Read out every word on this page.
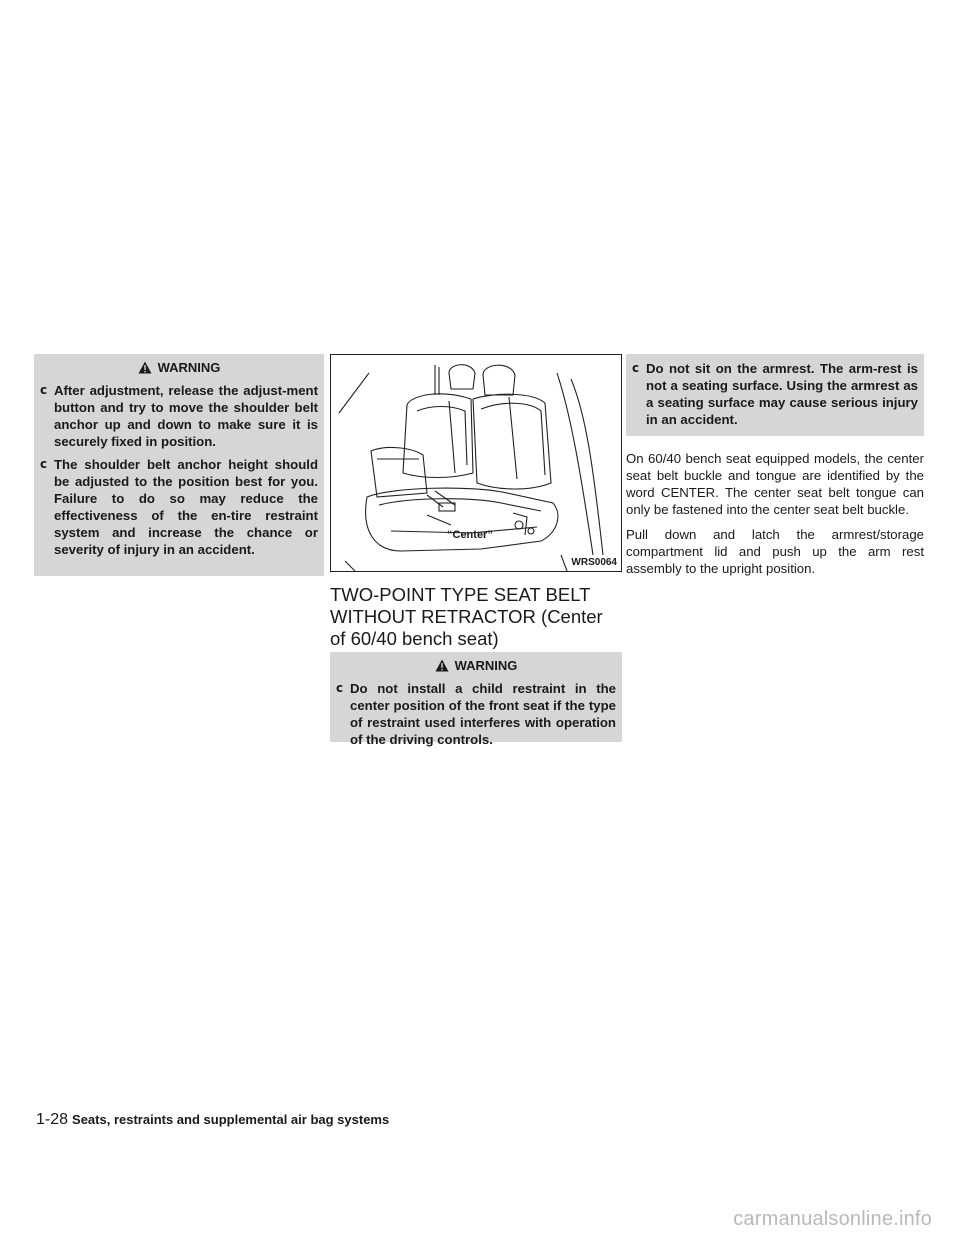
WARNING
c After adjustment, release the adjust-ment button and try to move the shoulder belt anchor up and down to make sure it is securely fixed in position.
c The shoulder belt anchor height should be adjusted to the position best for you. Failure to do so may reduce the effectiveness of the en-tire restraint system and increase the chance or severity of injury in an accident.
“Center”
WRS0064
TWO-POINT TYPE SEAT BELT WITHOUT RETRACTOR (Center of 60/40 bench seat)
WARNING
c Do not install a child restraint in the center position of the front seat if the type of restraint used interferes with operation of the driving controls.
c Do not sit on the armrest. The arm-rest is not a seating surface. Using the armrest as a seating surface may cause serious injury in an accident.

On 60/40 bench seat equipped models, the center seat belt buckle and tongue are identified by the word CENTER. The center seat belt tongue can only be fastened into the center seat belt buckle.

Pull down and latch the armrest/storage compartment lid and push up the arm rest assembly to the upright position.

1-28 Seats, restraints and supplemental air bag systems
carmanualsonline.info
